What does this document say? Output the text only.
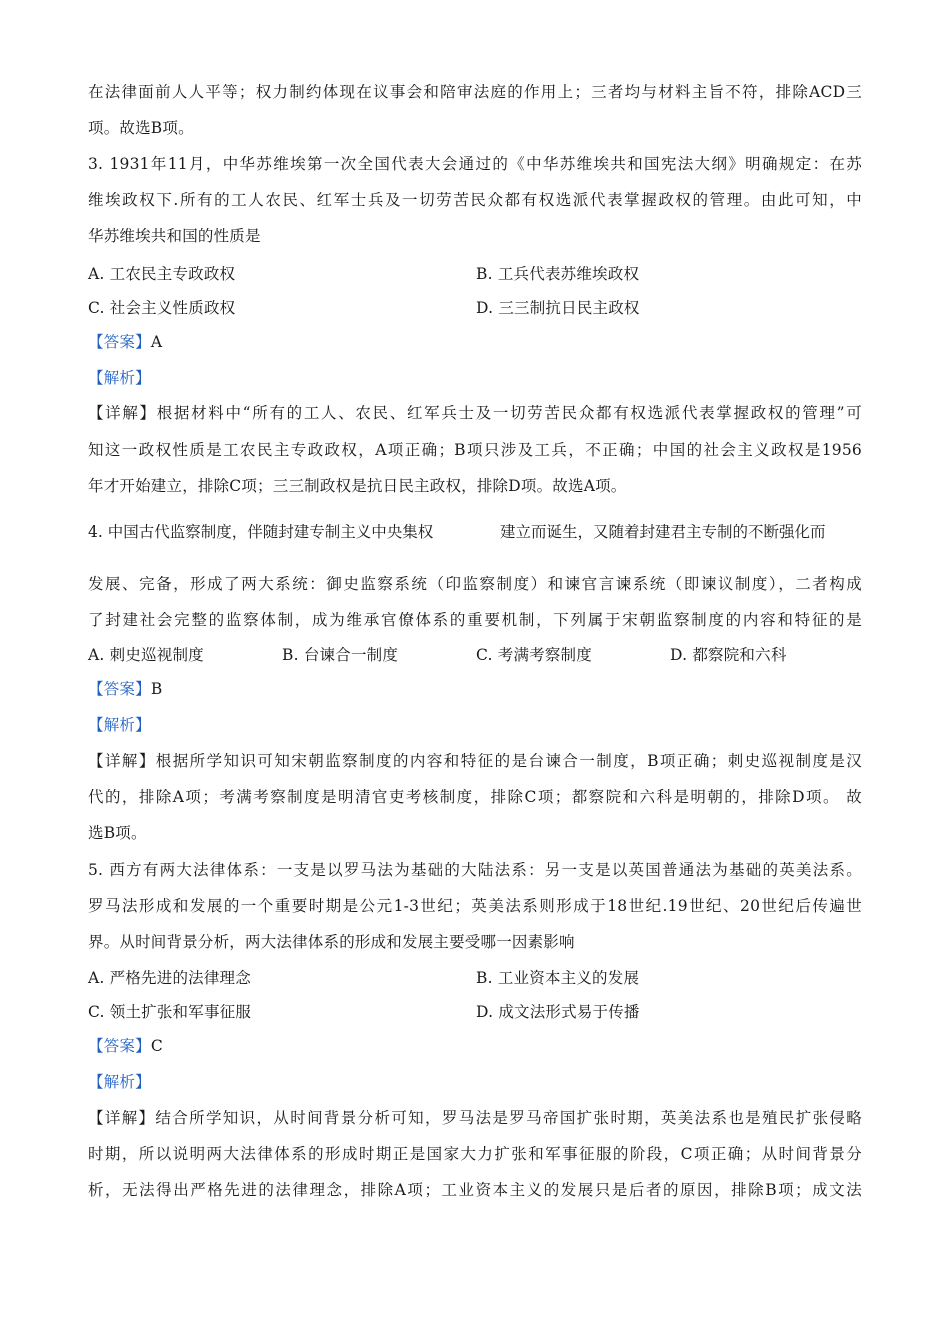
在法律面前人人平等；权力制约体现在议事会和陪审法庭的作用上；三者均与材料主旨不符，排除ACD三
项。故选B项。
3. 1931年11月，中华苏维埃第一次全国代表大会通过的《中华苏维埃共和国宪法大纲》明确规定：在苏
维埃政权下.所有的工人农民、红军士兵及一切劳苦民众都有权选派代表掌握政权的管理。由此可知，中
华苏维埃共和国的性质是
A. 工农民主专政政权	B. 工兵代表苏维埃政权
C. 社会主义性质政权	D. 三三制抗日民主政权
【答案】A
【解析】
【详解】根据材料中“所有的工人、农民、红军兵士及一切劳苦民众都有权选派代表掌握政权的管理”可
知这一政权性质是工农民主专政政权，A项正确；B项只涉及工兵，不正确；中国的社会主义政权是1956
年才开始建立，排除C项；三三制政权是抗日民主政权，排除D项。故选A项。
4. 中国古代监察制度，伴随封建专制主义中央集权	建立而诞生，又随着封建君主专制的不断强化而
发展、完备，形成了两大系统：御史监察系统（印监察制度）和谏官言谏系统（即谏议制度），二者构成
了封建社会完整的监察体制，成为维承官僚体系的重要机制，下列属于宋朝监察制度的内容和特征的是
A. 刺史巡视制度	B. 台谏合一制度	C. 考满考察制度	D. 都察院和六科
【答案】B
【解析】
【详解】根据所学知识可知宋朝监察制度的内容和特征的是台谏合一制度，B项正确；刺史巡视制度是汉
代的，排除A项；考满考察制度是明清官吏考核制度，排除C项；都察院和六科是明朝的，排除D项。 故
选B项。
5. 西方有两大法律体系：一支是以罗马法为基础的大陆法系：另一支是以英国普通法为基础的英美法系。
罗马法形成和发展的一个重要时期是公元1-3世纪；英美法系则形成于18世纪.19世纪、20世纪后传遍世
界。从时间背景分析，两大法律体系的形成和发展主要受哪一因素影响
A. 严格先进的法律理念	B. 工业资本主义的发展
C. 领土扩张和军事征服	D. 成文法形式易于传播
【答案】C
【解析】
【详解】结合所学知识，从时间背景分析可知，罗马法是罗马帝国扩张时期，英美法系也是殖民扩张侵略
时期，所以说明两大法律体系的形成时期正是国家大力扩张和军事征服的阶段，C项正确；从时间背景分
析，无法得出严格先进的法律理念，排除A项；工业资本主义的发展只是后者的原因，排除B项；成文法
